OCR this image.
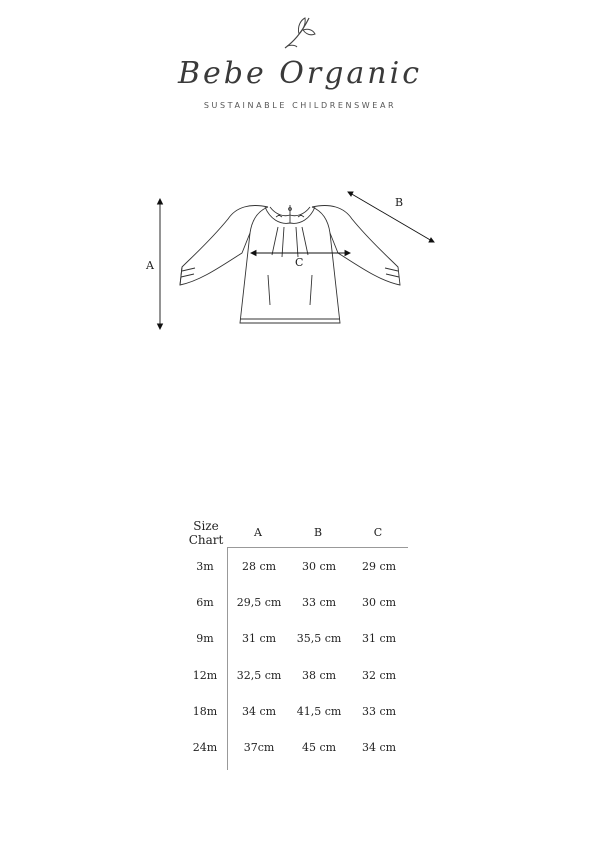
Bebe Organic
SUSTAINABLE CHILDRENSWEAR
A
B
C
Size
Chart
A	B	C
3m	28 cm	30 cm	29 cm
6m	29,5 cm	33 cm	30 cm
9m	31 cm	35,5 cm	31 cm
12m	32,5 cm	38 cm	32 cm
18m	34 cm	41,5 cm	33 cm
24m	37cm	45 cm	34 cm
